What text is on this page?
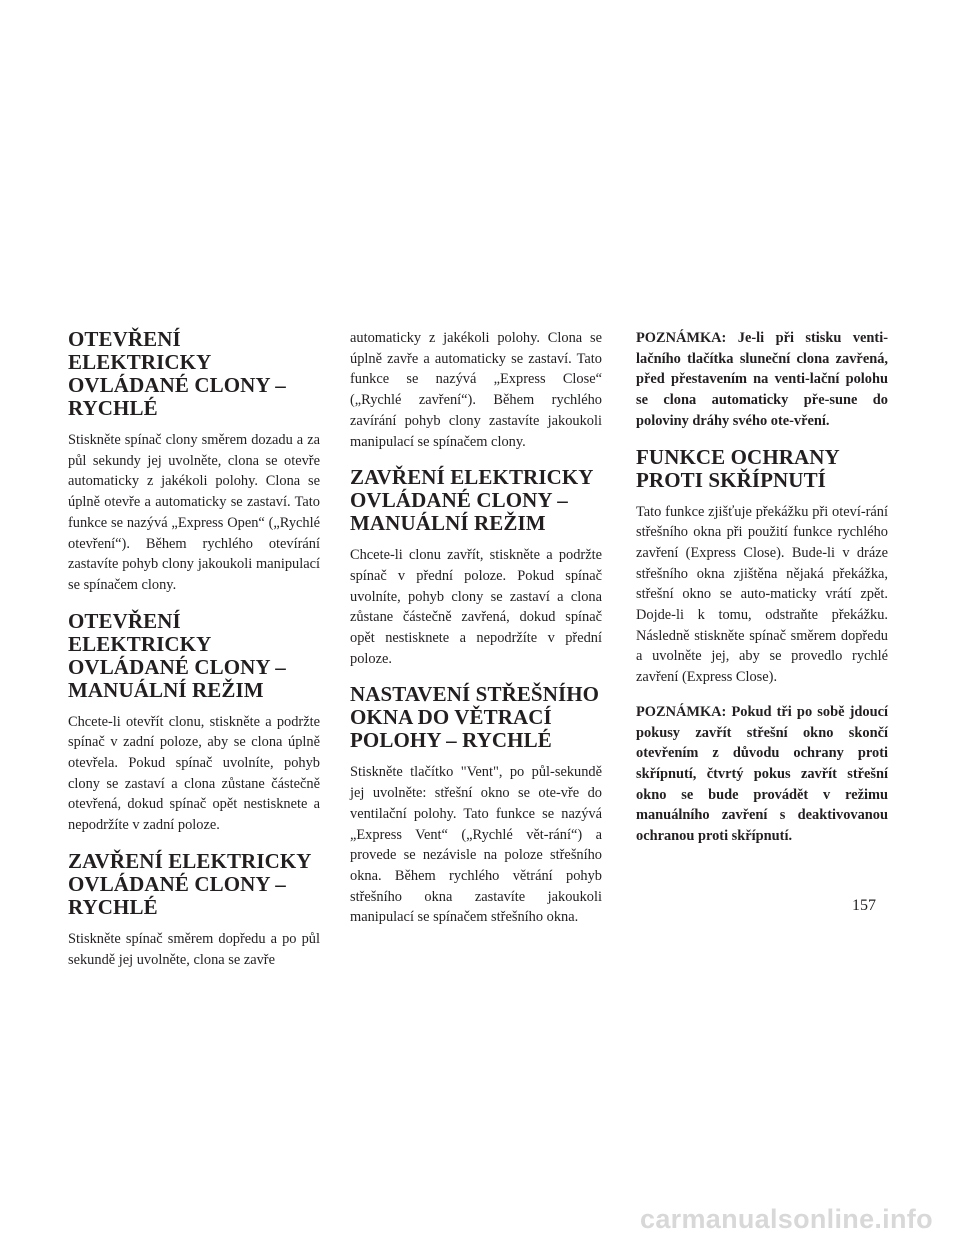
OTEVŘENÍ ELEKTRICKY OVLÁDANÉ CLONY – RYCHLÉ

Stiskněte spínač clony směrem dozadu a za půl sekundy jej uvolněte, clona se otevře automaticky z jakékoli polohy. Clona se úplně otevře a automaticky se zastaví. Tato funkce se nazývá „Express Open“ („Rychlé otevření“). Během rychlého otevírání zastavíte pohyb clony jakoukoli manipulací se spínačem clony.

OTEVŘENÍ ELEKTRICKY OVLÁDANÉ CLONY – MANUÁLNÍ REŽIM

Chcete-li otevřít clonu, stiskněte a podržte spínač v zadní poloze, aby se clona úplně otevřela. Pokud spínač uvolníte, pohyb clony se zastaví a clona zůstane částečně otevřená, dokud spínač opět nestisknete a nepodržíte v zadní poloze.

ZAVŘENÍ ELEKTRICKY OVLÁDANÉ CLONY – RYCHLÉ

Stiskněte spínač směrem dopředu a po půl sekundě jej uvolněte, clona se zavře

automaticky z jakékoli polohy. Clona se úplně zavře a automaticky se zastaví. Tato funkce se nazývá „Express Close“ („Rychlé zavření“). Během rychlého zavírání pohyb clony zastavíte jakoukoli manipulací se spínačem clony.

ZAVŘENÍ ELEKTRICKY OVLÁDANÉ CLONY – MANUÁLNÍ REŽIM

Chcete-li clonu zavřít, stiskněte a podržte spínač v přední poloze. Pokud spínač uvolníte, pohyb clony se zastaví a clona zůstane částečně zavřená, dokud spínač opět nestisknete a nepodržíte v přední poloze.

NASTAVENÍ STŘEŠNÍHO OKNA DO VĚTRACÍ POLOHY – RYCHLÉ

Stiskněte tlačítko "Vent", po půl-sekundě jej uvolněte: střešní okno se ote-vře do ventilační polohy. Tato funkce se nazývá „Express Vent“ („Rychlé vět-rání“) a provede se nezávisle na poloze střešního okna. Během rychlého větrání pohyb střešního okna zastavíte jakoukoli manipulací se spínačem střešního okna.

POZNÁMKA: Je-li při stisku venti-lačního tlačítka sluneční clona zavřená, před přestavením na venti-lační polohu se clona automaticky pře-sune do poloviny dráhy svého ote-vření.

FUNKCE OCHRANY PROTI SKŘÍPNUTÍ

Tato funkce zjišťuje překážku při oteví-rání střešního okna při použití funkce rychlého zavření (Express Close). Bude-li v dráze střešního okna zjištěna nějaká překážka, střešní okno se auto-maticky vrátí zpět. Dojde-li k tomu, odstraňte překážku. Následně stiskněte spínač směrem dopředu a uvolněte jej, aby se provedlo rychlé zavření (Express Close).

POZNÁMKA: Pokud tři po sobě jdoucí pokusy zavřít střešní okno skončí otevřením z důvodu ochrany proti skřípnutí, čtvrtý pokus zavřít střešní okno se bude provádět v režimu manuálního zavření s deaktivovanou ochranou proti skřípnutí.

157
carmanualsonline.info
